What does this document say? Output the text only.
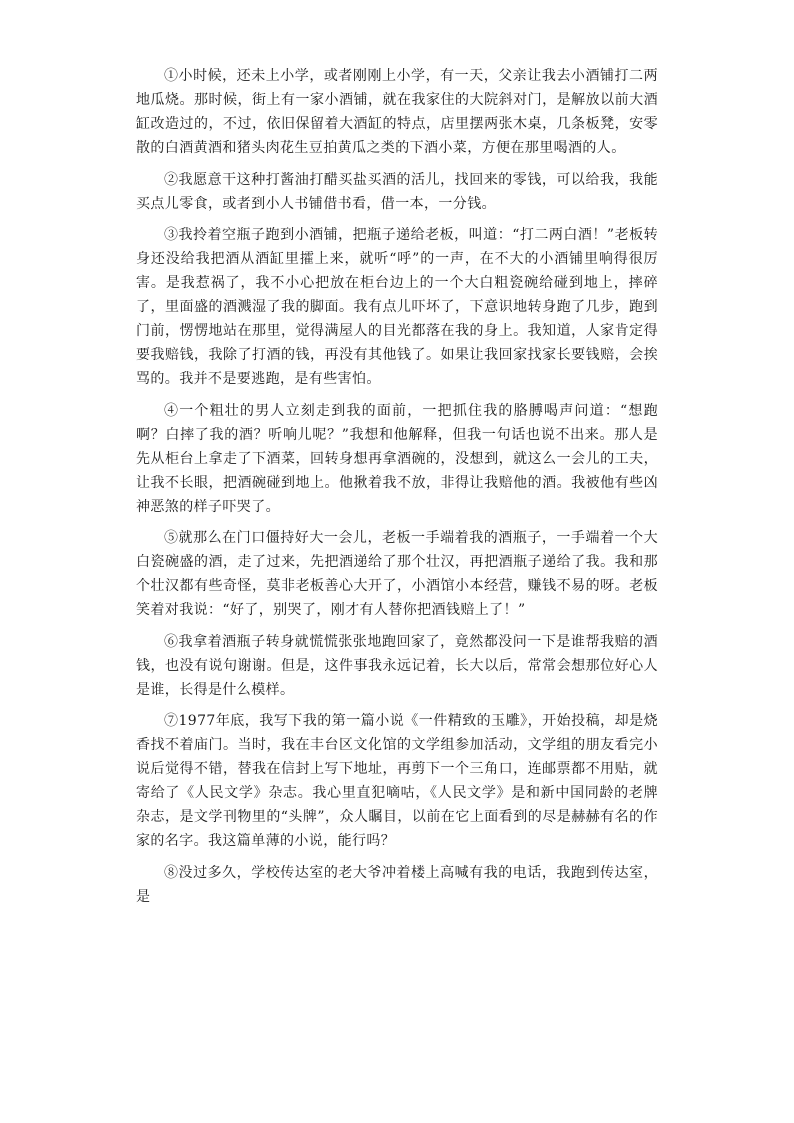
①小时候，还未上小学，或者刚刚上小学，有一天，父亲让我去小酒铺打二两地瓜烧。那时候，街上有一家小酒铺，就在我家住的大院斜对门，是解放以前大酒缸改造过的，不过，依旧保留着大酒缸的特点，店里摆两张木桌，几条板凳，安零散的白酒黄酒和猪头肉花生豆拍黄瓜之类的下酒小菜，方便在那里喝酒的人。

②我愿意干这种打酱油打醋买盐买酒的活儿，找回来的零钱，可以给我，我能买点儿零食，或者到小人书铺借书看，借一本，一分钱。

③我拎着空瓶子跑到小酒铺，把瓶子递给老板，叫道：“打二两白酒！”老板转身还没给我把酒从酒缸里攉上来，就听“呼”的一声，在不大的小酒铺里响得很厉害。是我惹祸了，我不小心把放在柜台边上的一个大白粗瓷碗给碰到地上，摔碎了，里面盛的酒溅湿了我的脚面。我有点儿吓坏了，下意识地转身跑了几步，跑到门前，愣愣地站在那里，觉得满屋人的目光都落在我的身上。我知道，人家肯定得要我赔钱，我除了打酒的钱，再没有其他钱了。如果让我回家找家长要钱赔，会挨骂的。我并不是要逃跑，是有些害怕。

④一个粗壮的男人立刻走到我的面前，一把抓住我的胳膊喝声问道：“想跑啊？白摔了我的酒？听响儿呢？”我想和他解释，但我一句话也说不出来。那人是先从柜台上拿走了下酒菜，回转身想再拿酒碗的，没想到，就这么一会儿的工夫，让我不长眼，把酒碗碰到地上。他揪着我不放，非得让我赔他的酒。我被他有些凶神恶煞的样子吓哭了。

⑤就那么在门口僵持好大一会儿，老板一手端着我的酒瓶子，一手端着一个大白瓷碗盛的酒，走了过来，先把酒递给了那个壮汉，再把酒瓶子递给了我。我和那个壮汉都有些奇怪，莫非老板善心大开了，小酒馆小本经营，赚钱不易的呀。老板笑着对我说：“好了，别哭了，刚才有人替你把酒钱赔上了！”

⑥我拿着酒瓶子转身就慌慌张张地跑回家了，竟然都没问一下是谁帮我赔的酒钱，也没有说句谢谢。但是，这件事我永远记着，长大以后，常常会想那位好心人是谁，长得是什么模样。

⑦1977年底，我写下我的第一篇小说《一件精致的玉雕》，开始投稿，却是烧香找不着庙门。当时，我在丰台区文化馆的文学组参加活动，文学组的朋友看完小说后觉得不错，替我在信封上写下地址，再剪下一个三角口，连邮票都不用贴，就寄给了《人民文学》杂志。我心里直犯嘀咕，《人民文学》是和新中国同龄的老牌杂志，是文学刊物里的“头牌”，众人瞩目，以前在它上面看到的尽是赫赫有名的作家的名字。我这篇单薄的小说，能行吗？

⑧没过多久，学校传达室的老大爷冲着楼上高喊有我的电话，我跑到传达室，是
